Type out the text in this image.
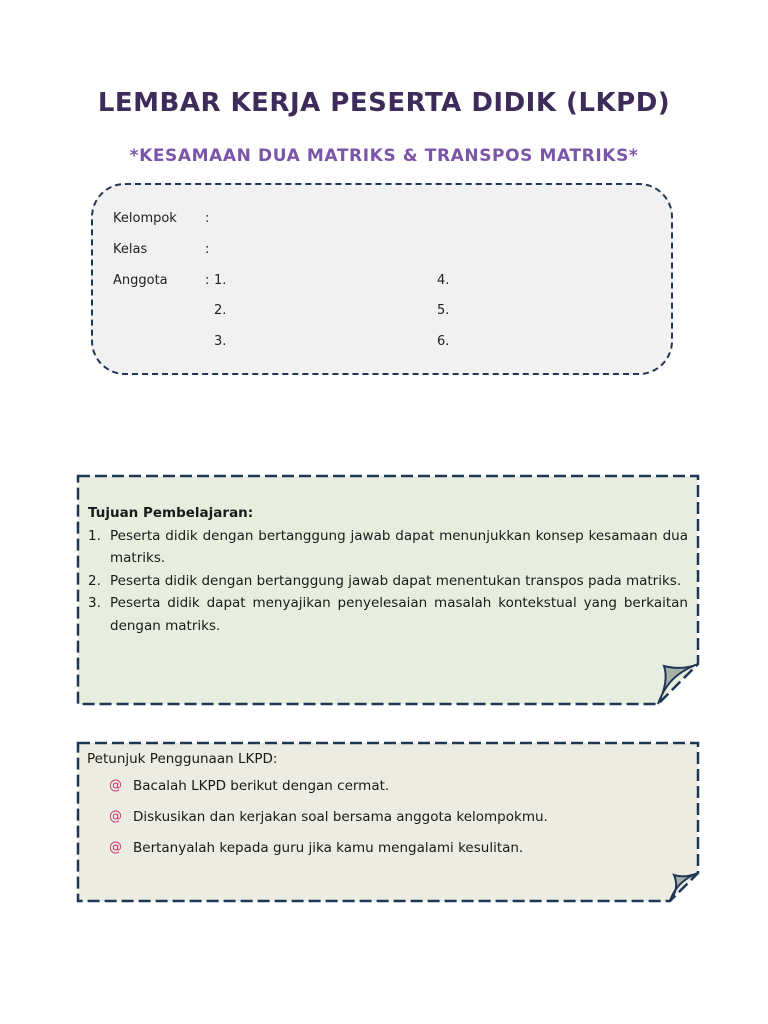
LEMBAR KERJA PESERTA DIDIK (LKPD)
*KESAMAAN DUA MATRIKS & TRANSPOS MATRIKS*
Kelompok	:
Kelas	:
Anggota	: 1.	4.
2.	5.
3.	6.
Tujuan Pembelajaran:
1. Peserta didik dengan bertanggung jawab dapat menunjukkan konsep kesamaan dua matriks.
2. Peserta didik dengan bertanggung jawab dapat menentukan transpos pada matriks.
3. Peserta didik dapat menyajikan penyelesaian masalah kontekstual yang berkaitan dengan matriks.
Petunjuk Penggunaan LKPD:
@ Bacalah LKPD berikut dengan cermat.
@ Diskusikan dan kerjakan soal bersama anggota kelompokmu.
@ Bertanyalah kepada guru jika kamu mengalami kesulitan.
